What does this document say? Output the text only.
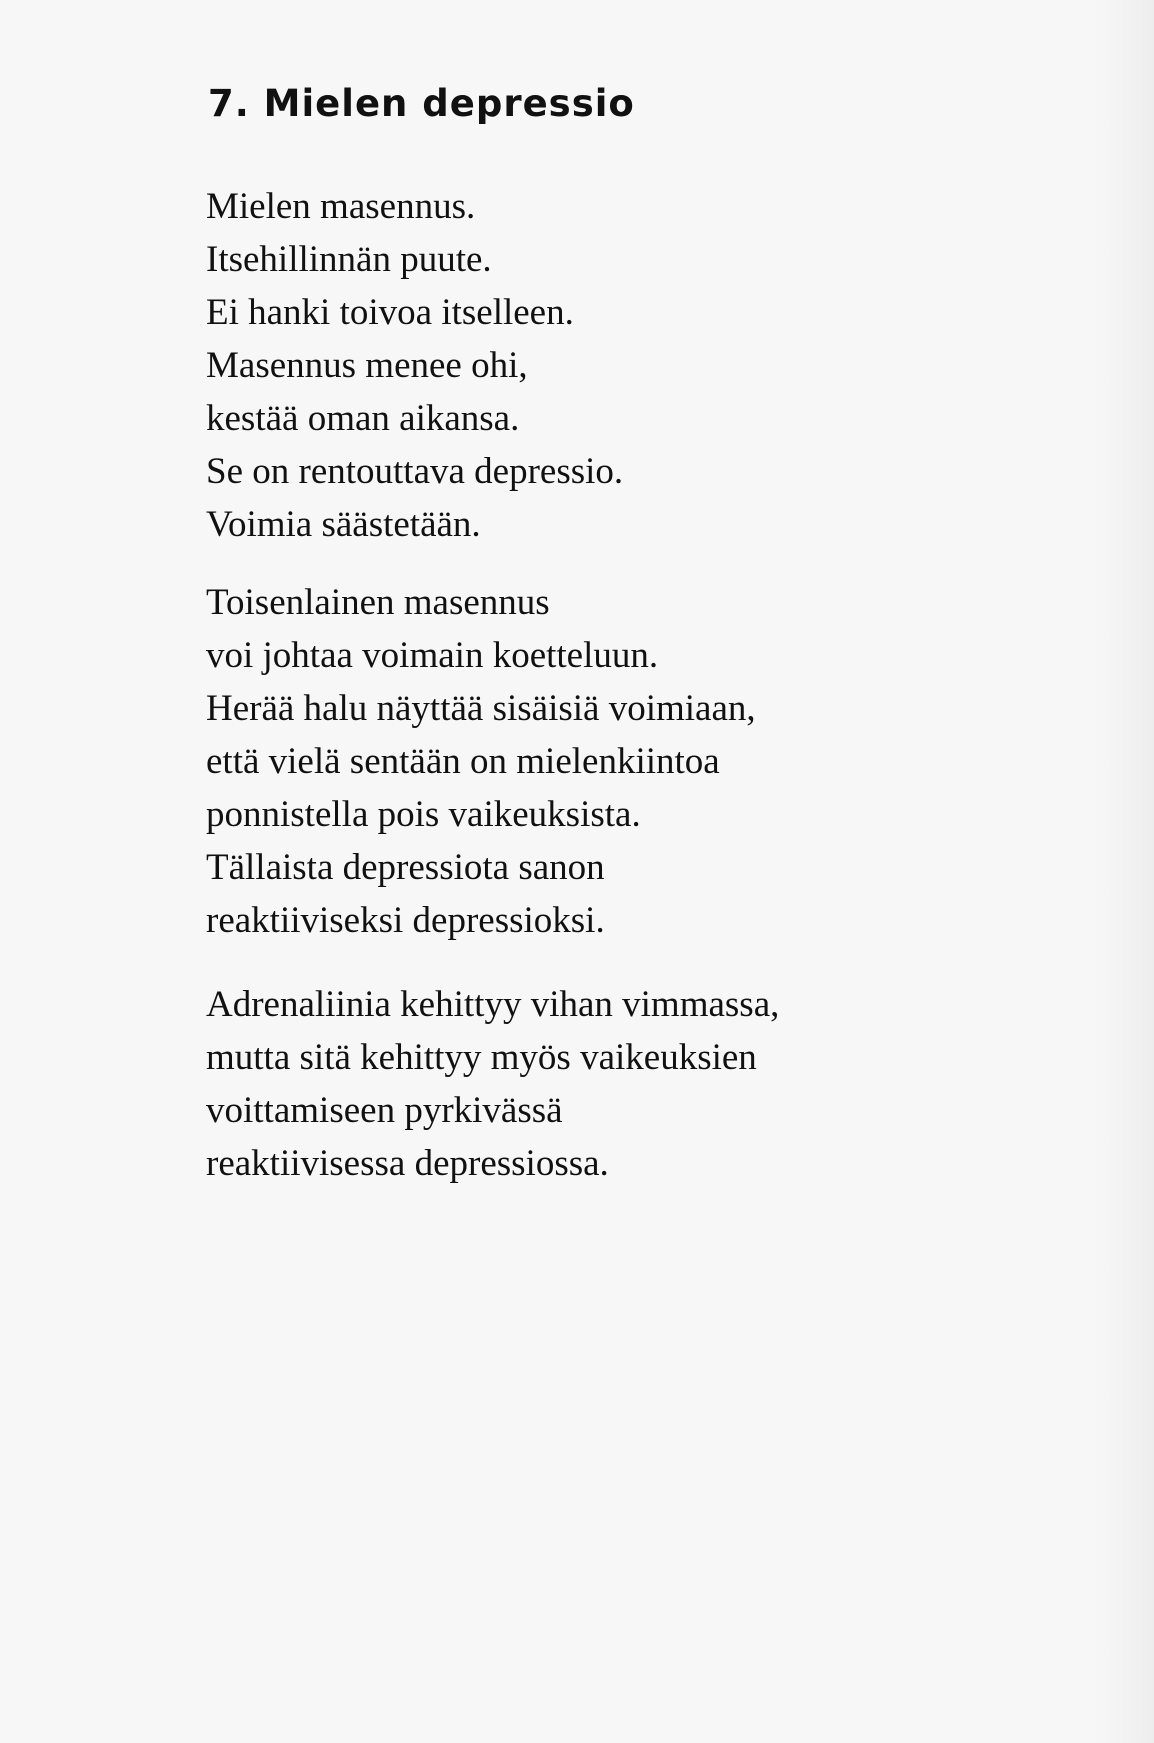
7. Mielen depressio
Mielen masennus.
Itsehillinnän puute.
Ei hanki toivoa itselleen.
Masennus menee ohi,
kestää oman aikansa.
Se on rentouttava depressio.
Voimia säästetään.
Toisenlainen masennus
voi johtaa voimain koetteluun.
Herää halu näyttää sisäisiä voimiaan,
että vielä sentään on mielenkiintoa
ponnistella pois vaikeuksista.
Tällaista depressiota sanon
reaktiiviseksi depressioksi.
Adrenaliinia kehittyy vihan vimmassa,
mutta sitä kehittyy myös vaikeuksien
voittamiseen pyrkivässä
reaktiivisessa depressiossa.
